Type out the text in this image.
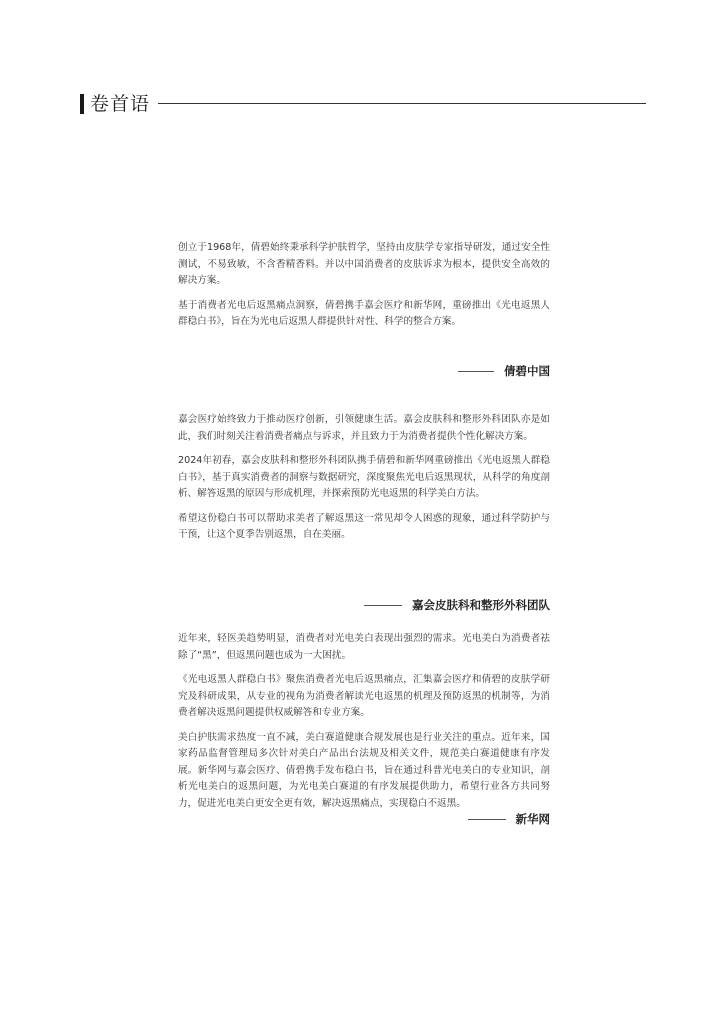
卷首语

创立于1968年，倩碧始终秉承科学护肤哲学，坚持由皮肤学专家指导研发，通过安全性测试，不易致敏，不含香精香料。并以中国消费者的皮肤诉求为根本，提供安全高效的解决方案。

基于消费者光电后返黑痛点洞察，倩碧携手嘉会医疗和新华网，重磅推出《光电返黑人群稳白书》，旨在为光电后返黑人群提供针对性、科学的整合方案。

倩碧中国

嘉会医疗始终致力于推动医疗创新，引领健康生活。嘉会皮肤科和整形外科团队亦是如此，我们时刻关注着消费者痛点与诉求，并且致力于为消费者提供个性化解决方案。

2024年初春，嘉会皮肤科和整形外科团队携手倩碧和新华网重磅推出《光电返黑人群稳白书》，基于真实消费者的洞察与数据研究，深度聚焦光电后返黑现状，从科学的角度剖析、解答返黑的原因与形成机理，并探索预防光电返黑的科学美白方法。

希望这份稳白书可以帮助求美者了解返黑这一常见却令人困惑的现象，通过科学防护与干预，让这个夏季告别返黑，自在美丽。

嘉会皮肤科和整形外科团队

近年来，轻医美趋势明显，消费者对光电美白表现出强烈的需求。光电美白为消费者祛除了“黑”，但返黑问题也成为一大困扰。

《光电返黑人群稳白书》聚焦消费者光电后返黑痛点，汇集嘉会医疗和倩碧的皮肤学研究及科研成果，从专业的视角为消费者解读光电返黑的机理及预防返黑的机制等，为消费者解决返黑问题提供权威解答和专业方案。

美白护肤需求热度一直不减，美白赛道健康合规发展也是行业关注的重点。近年来，国家药品监督管理局多次针对美白产品出台法规及相关文件，规范美白赛道健康有序发展。新华网与嘉会医疗、倩碧携手发布稳白书，旨在通过科普光电美白的专业知识，剖析光电美白的返黑问题，为光电美白赛道的有序发展提供助力，希望行业各方共同努力，促进光电美白更安全更有效，解决返黑痛点，实现稳白不返黑。

新华网
